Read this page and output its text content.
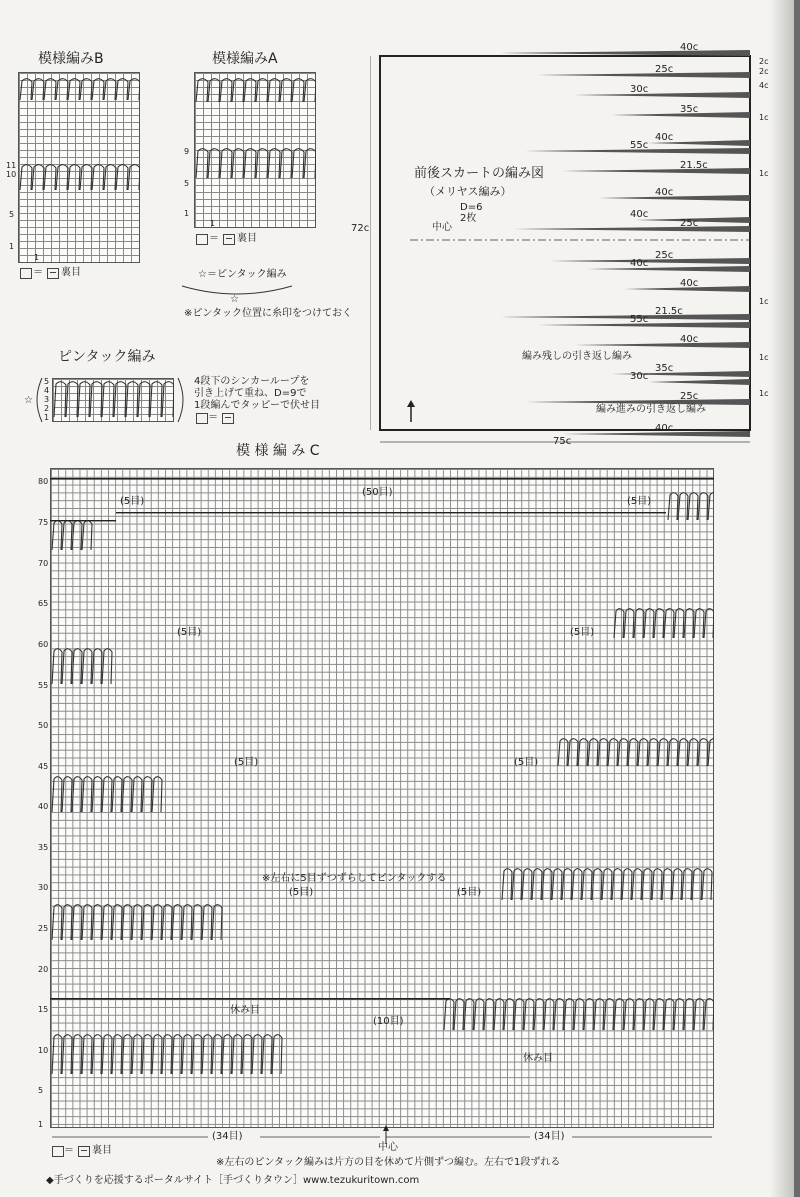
模様編みB
11
10
5
1
1
＝ 裏目
模様編みA
9
5
1
1
＝ 裏目
☆＝ピンタック編み
☆
※ピンタック位置に糸印をつけておく
ピンタック編み
☆
5
4
3
2
1
4段下のシンカーループを
引き上げて重ね、D=9で
1段編んでタッピーで伏せ目
＝
前後スカートの編み図
（メリヤス編み）
D=6
2枚
中心
72c
75c
編み残しの引き返し編み
編み進みの引き返し編み
40c
25c
30c
35c
40c
55c
21.5c
40c
40c
25c
25c
40c
40c
21.5c
55c
40c
35c
30c
25c
40c
2c
2c
4c
1c
1c
1c
1c
1c
模 様 編 み C
80
75
70
65
60
55
50
45
40
35
30
25
20
15
10
5
1
(50目)
(5目)	(5目)
(5目)	(5目)
(5目)	(5目)
※左右に5目ずつずらしてピンタックする
(5目)	(5目)
休み目
(10目)
休み目
(34目)	(34目)
中心
＝ 裏目
※左右のピンタック編みは片方の目を休めて片側ずつ編む。左右で1段ずれる
◆手づくりを応援するポータルサイト［手づくりタウン］www.tezukuritown.com
